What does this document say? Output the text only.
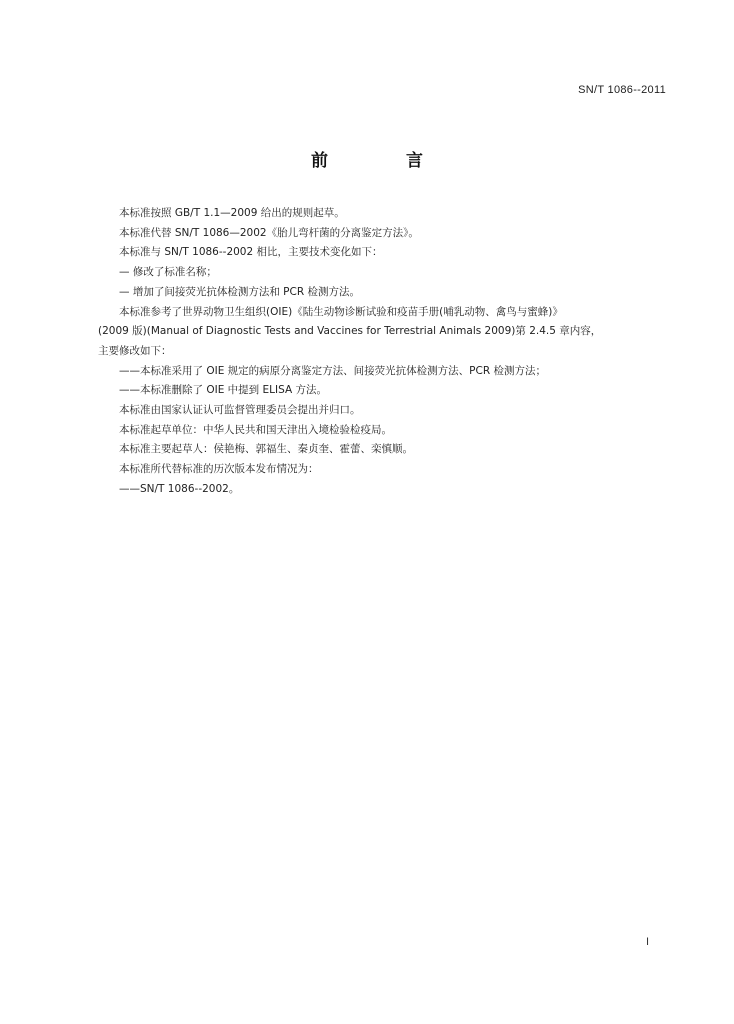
SN/T 1086--2011
前 言

本标准按照 GB/T 1.1—2009 给出的规则起草。

本标准代替 SN/T 1086—2002《胎儿弯杆菌的分离鉴定方法》。

本标准与 SN/T 1086--2002 相比，主要技术变化如下：

— 修改了标准名称；

— 增加了间接荧光抗体检测方法和 PCR 检测方法。

本标准参考了世界动物卫生组织(OIE)《陆生动物诊断试验和疫苗手册(哺乳动物、禽鸟与蜜蜂)》

(2009 版)(Manual of Diagnostic Tests and Vaccines for Terrestrial Animals 2009)第 2.4.5 章内容，

主要修改如下：

——本标准采用了 OIE 规定的病原分离鉴定方法、间接荧光抗体检测方法、PCR 检测方法；

——本标准删除了 OIE 中提到 ELISA 方法。

本标准由国家认证认可监督管理委员会提出并归口。

本标准起草单位：中华人民共和国天津出入境检验检疫局。

本标准主要起草人：侯艳梅、郭福生、秦贞奎、霍蕾、栾慎顺。

本标准所代替标准的历次版本发布情况为：

——SN/T 1086--2002。

I
